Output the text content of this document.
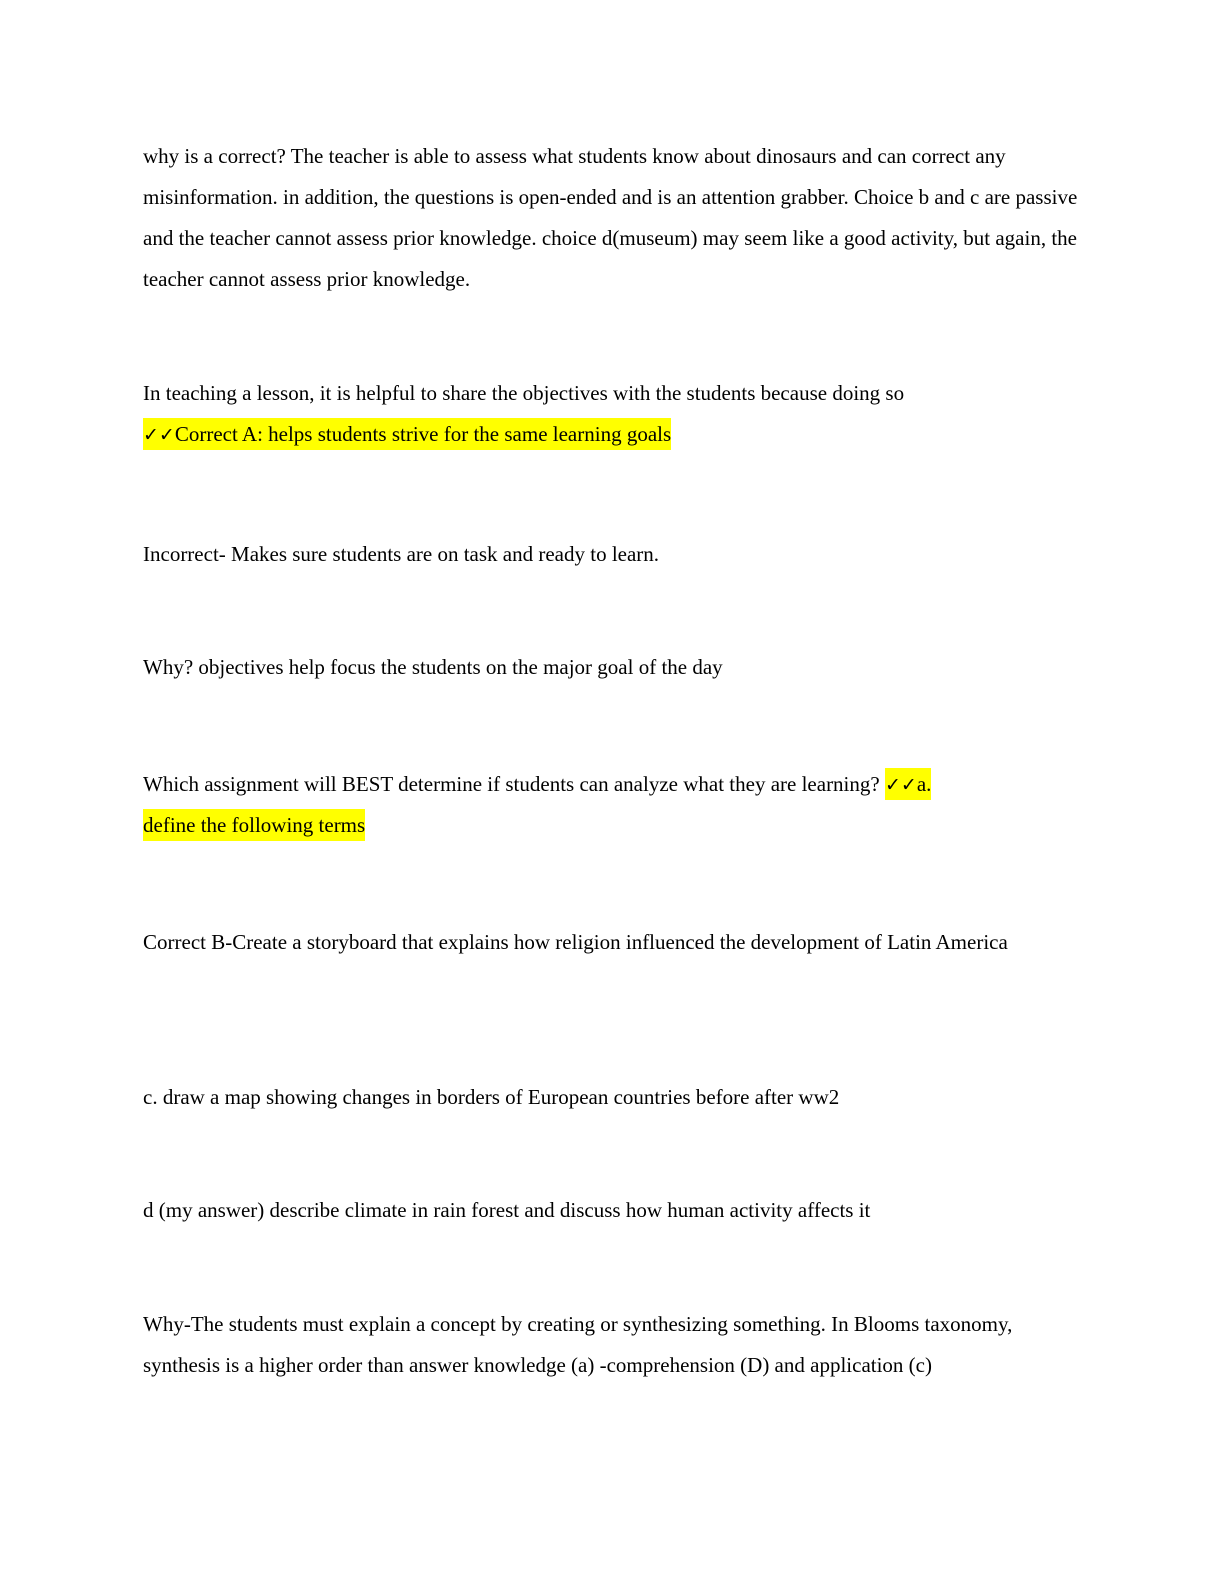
why is a correct? The teacher is able to assess what students know about dinosaurs and can correct any misinformation. in addition, the questions is open-ended and is an attention grabber. Choice b and c are passive and the teacher cannot assess prior knowledge. choice d(museum) may seem like a good activity, but again, the teacher cannot assess prior knowledge.

In teaching a lesson, it is helpful to share the objectives with the students because doing so
✓✓Correct A: helps students strive for the same learning goals

Incorrect- Makes sure students are on task and ready to learn.

Why? objectives help focus the students on the major goal of the day

Which assignment will BEST determine if students can analyze what they are learning? ✓✓a.
define the following terms

Correct B-Create a storyboard that explains how religion influenced the development of Latin America

c. draw a map showing changes in borders of European countries before after ww2

d (my answer) describe climate in rain forest and discuss how human activity affects it

Why-The students must explain a concept by creating or synthesizing something. In Blooms taxonomy, synthesis is a higher order than answer knowledge (a) -comprehension (D) and application (c)
